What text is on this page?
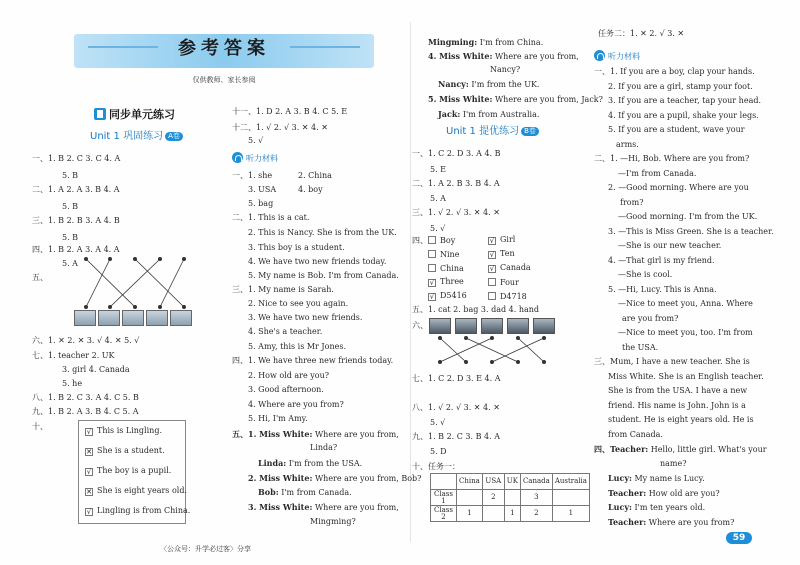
参考答案
仅供教师、家长参阅
同步单元练习
Unit 1 巩固练习 A卷
一、1. B 2. C 3. C 4. A
5. B
二、1. A 2. A 3. B 4. A
5. B
三、1. B 2. B 3. A 4. B
5. B
四、1. B 2. A 3. A 4. A
5. A
五、
六、1. ✕ 2. ✕ 3. √ 4. ✕ 5. √
七、1. teacher 2. UK
3. girl 4. Canada
5. he
八、1. B 2. C 3. A 4. C 5. B
九、1. B 2. A 3. B 4. C 5. A
十、
√ This is Lingling.
✕ She is a student.
√ The boy is a pupil.
✕ She is eight years old.
√ Lingling is from China.
十一、1. D 2. A 3. B 4. C 5. E
十二、1. √ 2. √ 3. ✕ 4. ✕
5. √
一、1. she	2. China
3. USA	4. boy
5. bag
二、1. This is a cat.
2. This is Nancy. She is from the UK.
3. This boy is a student.
4. We have two new friends today.
5. My name is Bob. I'm from Canada.
三、1. My name is Sarah.
2. Nice to see you again.
3. We have two new friends.
4. She's a teacher.
5. Amy, this is Mr Jones.
四、1. We have three new friends today.
2. How old are you?
3. Good afternoon.
4. Where are you from?
5. Hi, I'm Amy.
五、1. Miss White: Where are you from,
Linda?
Linda: I'm from the USA.
2. Miss White: Where are you from, Bob?
Bob: I'm from Canada.
3. Miss White: Where are you from,
Mingming?
听力材料
Mingming: I'm from China.
4. Miss White: Where are you from,
Nancy?
Nancy: I'm from the UK.
5. Miss White: Where are you from, Jack?
Jack: I'm from Australia.
一、1. C 2. D 3. A 4. B
5. E
二、1. A 2. B 3. B 4. A
5. A
三、1. √ 2. √ 3. ✕ 4. ✕
5. √
四、
五、1. cat 2. bag 3. dad 4. hand
六、
七、1. C 2. D 3. E 4. A
八、1. √ 2. √ 3. ✕ 4. ✕
5. √
九、1. B 2. C 3. B 4. A
5. D
十、任务一：
Unit 1 提优练习 B卷
Boy	√ Girl
Nine	√ Ten
China	√ Canada
√ Three	Four
√ D5416	D4718
	China	USA	UK	Canada	Australia
Class 1		2		3	
Class 2	1		1	2	1
任务二：1. ✕ 2. √ 3. ✕
听力材料
一、1. If you are a boy, clap your hands.
2. If you are a girl, stamp your foot.
3. If you are a teacher, tap your head.
4. If you are a pupil, shake your legs.
5. If you are a student, wave your
arms.
二、1. —Hi, Bob. Where are you from?
—I'm from Canada.
2. —Good morning. Where are you
from?
—Good morning. I'm from the UK.
3. —This is Miss Green. She is a teacher.
—She is our new teacher.
4. —That girl is my friend.
—She is cool.
5. —Hi, Lucy. This is Anna.
—Nice to meet you, Anna. Where
are you from?
—Nice to meet you, too. I'm from
the USA.
三、Mum, I have a new teacher. She is
Miss White. She is an English teacher.
She is from the USA. I have a new
friend. His name is John. John is a
student. He is eight years old. He is
from Canada.
四、Teacher: Hello, little girl. What's your
name?
Lucy: My name is Lucy.
Teacher: How old are you?
Lucy: I'm ten years old.
Teacher: Where are you from?
59
〈公众号：升学必过客〉分享
